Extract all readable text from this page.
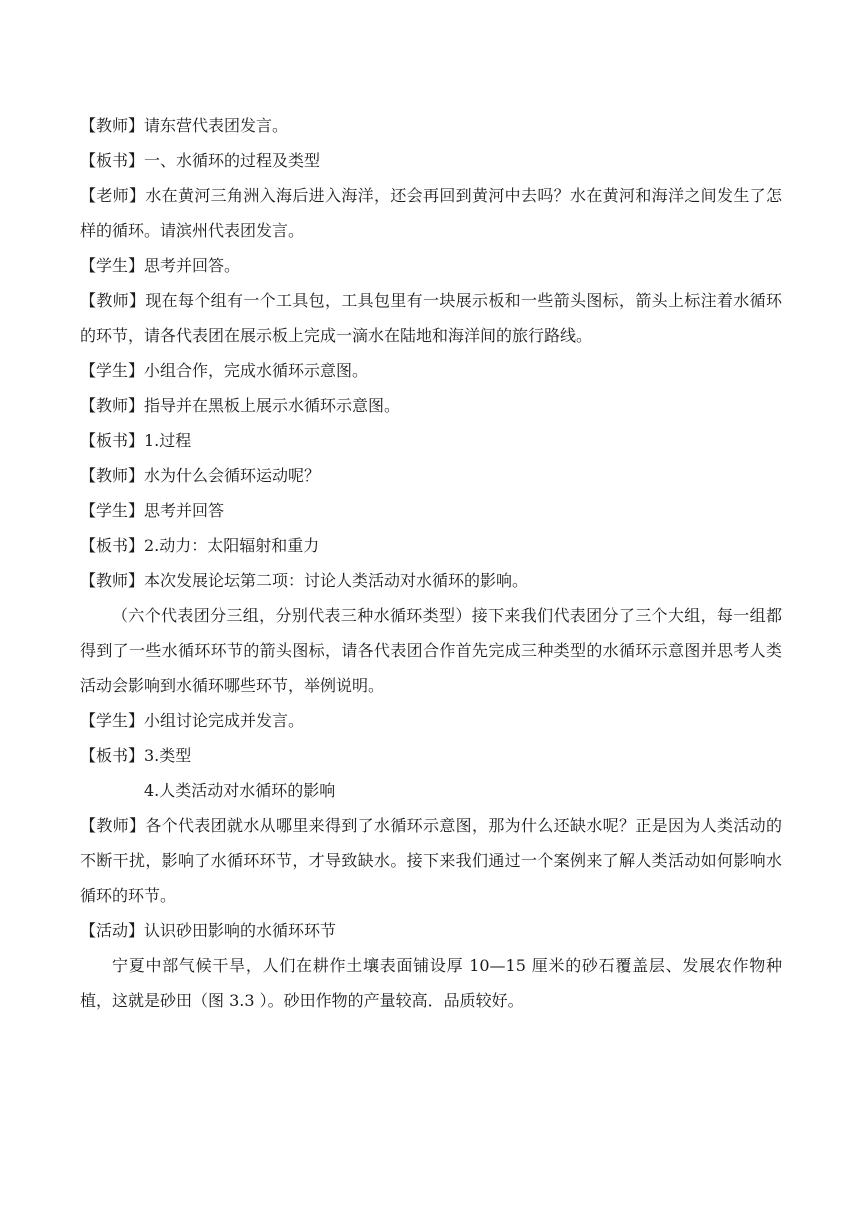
【教师】请东营代表团发言。

【板书】一、水循环的过程及类型

【老师】水在黄河三角洲入海后进入海洋，还会再回到黄河中去吗？水在黄河和海洋之间发生了怎样的循环。请滨州代表团发言。

【学生】思考并回答。

【教师】现在每个组有一个工具包，工具包里有一块展示板和一些箭头图标，箭头上标注着水循环的环节，请各代表团在展示板上完成一滴水在陆地和海洋间的旅行路线。

【学生】小组合作，完成水循环示意图。

【教师】指导并在黑板上展示水循环示意图。

【板书】1.过程

【教师】水为什么会循环运动呢？

【学生】思考并回答

【板书】2.动力：太阳辐射和重力

【教师】本次发展论坛第二项：讨论人类活动对水循环的影响。

（六个代表团分三组，分别代表三种水循环类型）接下来我们代表团分了三个大组，每一组都得到了一些水循环环节的箭头图标，请各代表团合作首先完成三种类型的水循环示意图并思考人类活动会影响到水循环哪些环节，举例说明。

【学生】小组讨论完成并发言。

【板书】3.类型

4.人类活动对水循环的影响

【教师】各个代表团就水从哪里来得到了水循环示意图，那为什么还缺水呢？正是因为人类活动的不断干扰，影响了水循环环节，才导致缺水。接下来我们通过一个案例来了解人类活动如何影响水循环的环节。

【活动】认识砂田影响的水循环环节

宁夏中部气候干旱，人们在耕作土壤表面铺设厚 10—15 厘米的砂石覆盖层、发展农作物种植，这就是砂田（图 3.3 ）。砂田作物的产量较高．品质较好。
